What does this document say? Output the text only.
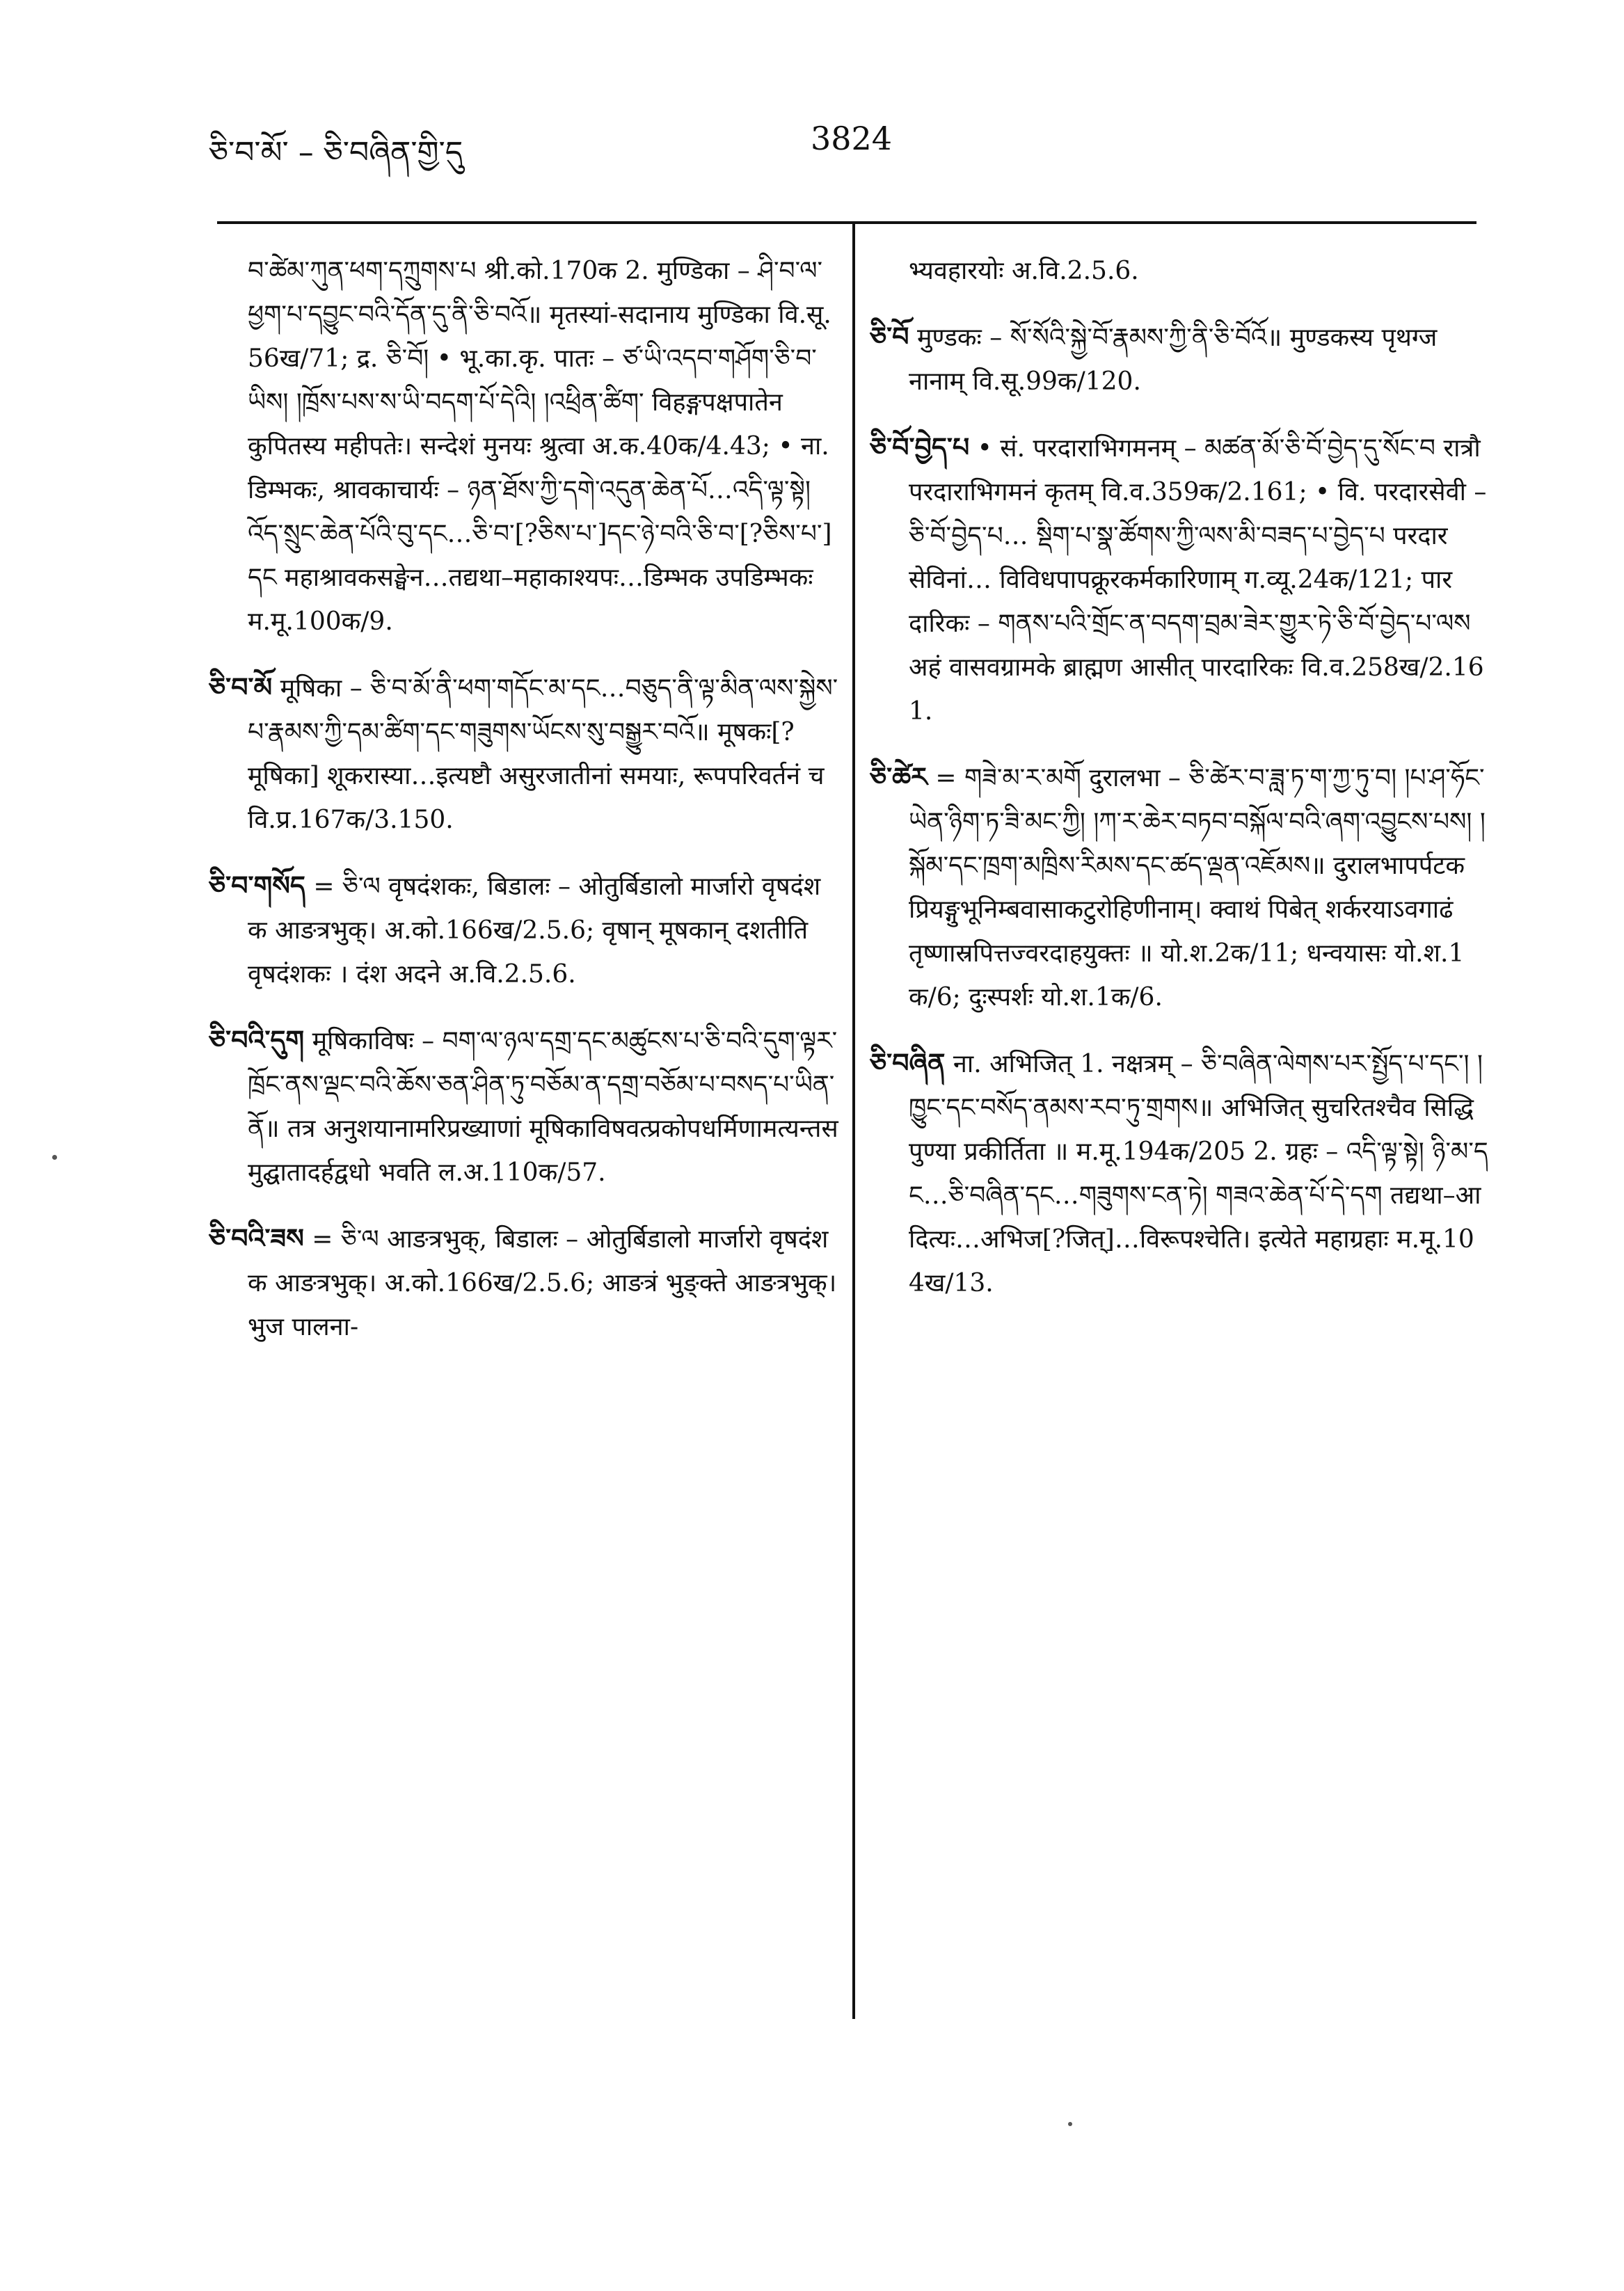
ཅི་བ་མོ་ – ཅི་བཞིན་གྱི་དུ	3824

བ་ཚེམ་ཀུན་ཕག་དཀྲུགས་པ श्री.को.170क 2. मुण्डिका – ཤི་བ་ལ་ཕྱག་པ་དབྱུང་བའི་དོན་དུ་ནི་ཅི་བའོ॥ मृतस्यां-सदानाय मुण्डिका वि.सू.56ख/71; द्र. ཅི་བོ། • भू.का.कृ. पातः – ཙ་ཡི་འདབ་གཤོག་ཅི་བ་ཡིས། །ཁྲོས་པས་ས་ཡི་བདག་པོ་དེའི། །འཕྲིན་ཚིག་ विहङ्गपक्षपातेन कुपितस्य महीपतेः। सन्देशं मुनयः श्रुत्वा अ.क.40क/4.43; • ना. डिम्भकः, श्रावकाचार्यः – ཉན་ཐོས་ཀྱི་དགེ་འདུན་ཆེན་པོ…འདི་ལྟ་སྟེ། འོད་སྲུང་ཆེན་པོའི་བུ་དང…ཅི་བ་[?ཅིས་པ་]དང་ཉེ་བའི་ཅི་བ་[?ཅིས་པ་]དང महाश्रावकसङ्घेन…तद्यथा–महाकाश्यपः…डिम्भक उपडिम्भकः म.मू.100क/9.

ཅི་བ་མོ मूषिका – ཅི་བ་མོ་ནི་ཕག་གདོང་མ་དང…བཅུད་ནི་ལྟ་མིན་ལས་སྐྱེས་པ་རྣམས་ཀྱི་དམ་ཚིག་དང་གཟུགས་ཡོངས་སུ་བསྒྱུར་བའོ॥ मूषकः[?मूषिका] शूकरास्या…इत्यष्टौ असुरजातीनां समयाः, रूपपरिवर्तनं च वि.प्र.167क/3.150.

ཅི་བ་གསོད = ཅི་ལ वृषदंशकः, बिडालः – ओतुर्बिडालो मार्जारो वृषदंशक आङत्रभुक्। अ.को.166ख/2.5.6; वृषान् मूषकान् दशतीति वृषदंशकः । दंश अदने अ.वि.2.5.6.

ཅི་བའི་དུག मूषिकाविषः – བག་ལ་ཉལ་དགྲ་དང་མཚུངས་པ་ཅི་བའི་དུག་ལྟར་ཁྲོང་ནས་ལྡང་བའི་ཆོས་ཅན་ཤིན་ཏུ་བཅོམ་ན་དགྲ་བཅོམ་པ་བསད་པ་ཡིན་ནོ॥ तत्र अनुशयानामरिप्रख्याणां मूषिकाविषवत्प्रकोपधर्मिणामत्यन्तसमुद्घातादर्हद्वधो भवति ल.अ.110क/57.

ཅི་བའི་ཟས = ཅི་ལ आङत्रभुक्, बिडालः – ओतुर्बिडालो मार्जारो वृषदंशक आङत्रभुक्। अ.को.166ख/2.5.6; आङत्रं भुङ्क्ते आङत्रभुक्। भुज पालना-

भ्यवहारयोः अ.वि.2.5.6.

ཅི་བོ मुण्डकः – སོ་སོའི་སྐྱེ་བོ་རྣམས་ཀྱི་ནི་ཅི་བོའོ॥ मुण्डकस्य पृथग्जनानाम् वि.सू.99क/120.

ཅི་བོ་བྱེད་པ • सं. परदाराभिगमनम् – མཚན་མོ་ཅི་བོ་བྱེད་དུ་སོང་བ रात्रौ परदाराभिगमनं कृतम् वि.व.359क/2.161; • वि. परदारसेवी – ཅི་བོ་བྱེད་པ… སྡིག་པ་སྣ་ཚོགས་ཀྱི་ལས་མི་བཟད་པ་བྱེད་པ परदारसेविनां… विविधपापक्रूरकर्मकारिणाम् ग.व्यू.24क/121; पारदारिकः – གནས་པའི་གྲོང་ན་བདག་བྲམ་ཟེར་གྱུར་ཏེ་ཅི་བོ་བྱེད་པ་ལས अहं वासवग्रामके ब्राह्मण आसीत् पारदारिकः वि.व.258ख/2.161.

ཅི་ཚེར = གཟེ་མ་ར་མགོ दुरालभा – ཅི་ཚེར་བ་ཟླ་ཏ་ག་ཀྱ་ཏུ་བ། །པ་ཤ་ཧོང་ཡེན་ཉིག་ཏ་ཟི་མང་ཀྱི། །ཀ་ར་ཆེར་བཏབ་བསྐོལ་བའི་ཞག་འབྱུངས་པས། །སྐོམ་དང་ཁྲག་མཁྲིས་རིམས་དང་ཚད་ལྡན་འཇོམས॥ दुरालभापर्पटकप्रियङ्गुभूनिम्बवासाकटुरोहिणीनाम्। क्वाथं पिबेत् शर्करयाऽवगाढं तृष्णास्रपित्तज्वरदाहयुक्तः ॥ यो.श.2क/11; धन्वयासः यो.श.1क/6; दुःस्पर्शः यो.श.1क/6.

ཅི་བཞིན ना. अभिजित् 1. नक्षत्रम् – ཅི་བཞིན་ལེགས་པར་སྤྱོད་པ་དང་། །ཁྱུང་དང་བསོད་ནམས་རབ་ཏུ་གྲགས॥ अभिजित् सुचरितश्चैव सिद्धि पुण्या प्रकीर्तिता ॥ म.मू.194क/205 2. ग्रहः – འདི་ལྟ་སྟེ། ཉི་མ་དང…ཅི་བཞིན་དང…གཟུགས་ངན་ཏེ། གཟའ་ཆེན་པོ་དེ་དག तद्यथा–आदित्यः…अभिज[?जित्]…विरूपश्चेति। इत्येते महाग्रहाः म.मू.104ख/13.
